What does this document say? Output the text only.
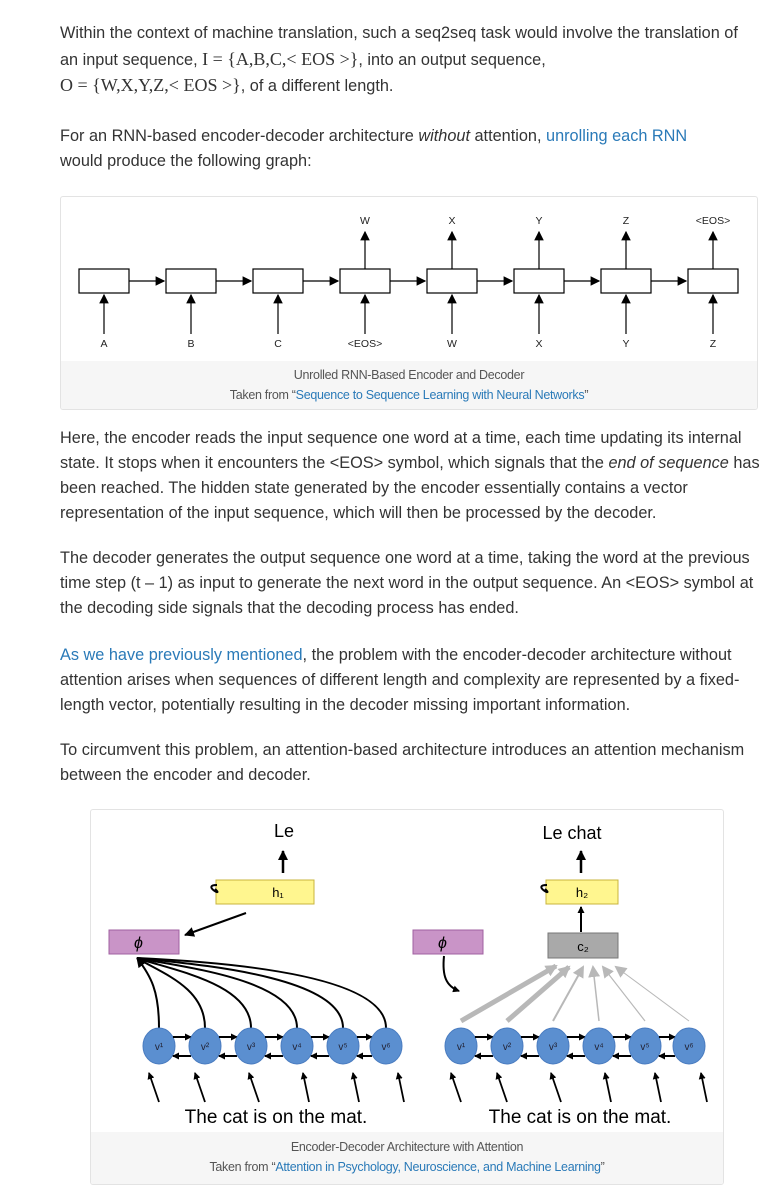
Within the context of machine translation, such a seq2seq task would involve the translation of an input sequence, I = {A,B,C,< EOS >}, into an output sequence,
O = {W,X,Y,Z,< EOS >}, of a different length.

For an RNN-based encoder-decoder architecture without attention, unrolling each RNN
would produce the following graph:

A	B	C	<EOS>
W
W
X
X
Y
Y
Z
Z
<EOS>
Unrolled RNN-Based Encoder and Decoder
Taken from “Sequence to Sequence Learning with Neural Networks”

Here, the encoder reads the input sequence one word at a time, each time updating its internal state. It stops when it encounters the <EOS> symbol, which signals that the end of sequence has been reached. The hidden state generated by the encoder essentially contains a vector representation of the input sequence, which will then be processed by the decoder.

The decoder generates the output sequence one word at a time, taking the word at the previous time step (t – 1) as input to generate the next word in the output sequence. An <EOS> symbol at the decoding side signals that the decoding process has ended.

As we have previously mentioned, the problem with the encoder-decoder architecture without attention arises when sequences of different length and complexity are represented by a fixed-length vector, potentially resulting in the decoder missing important information.

To circumvent this problem, an attention-based architecture introduces an attention mechanism between the encoder and decoder.

Le
h₁
ϕ
v¹	v²	v³	v⁴	v⁵	v⁶
The cat is on the mat.
Le chat
h₂
c₂
ϕ
v¹	v²	v³	v⁴	v⁵	v⁶
The cat is on the mat.
Encoder-Decoder Architecture with Attention
Taken from “Attention in Psychology, Neuroscience, and Machine Learning”
